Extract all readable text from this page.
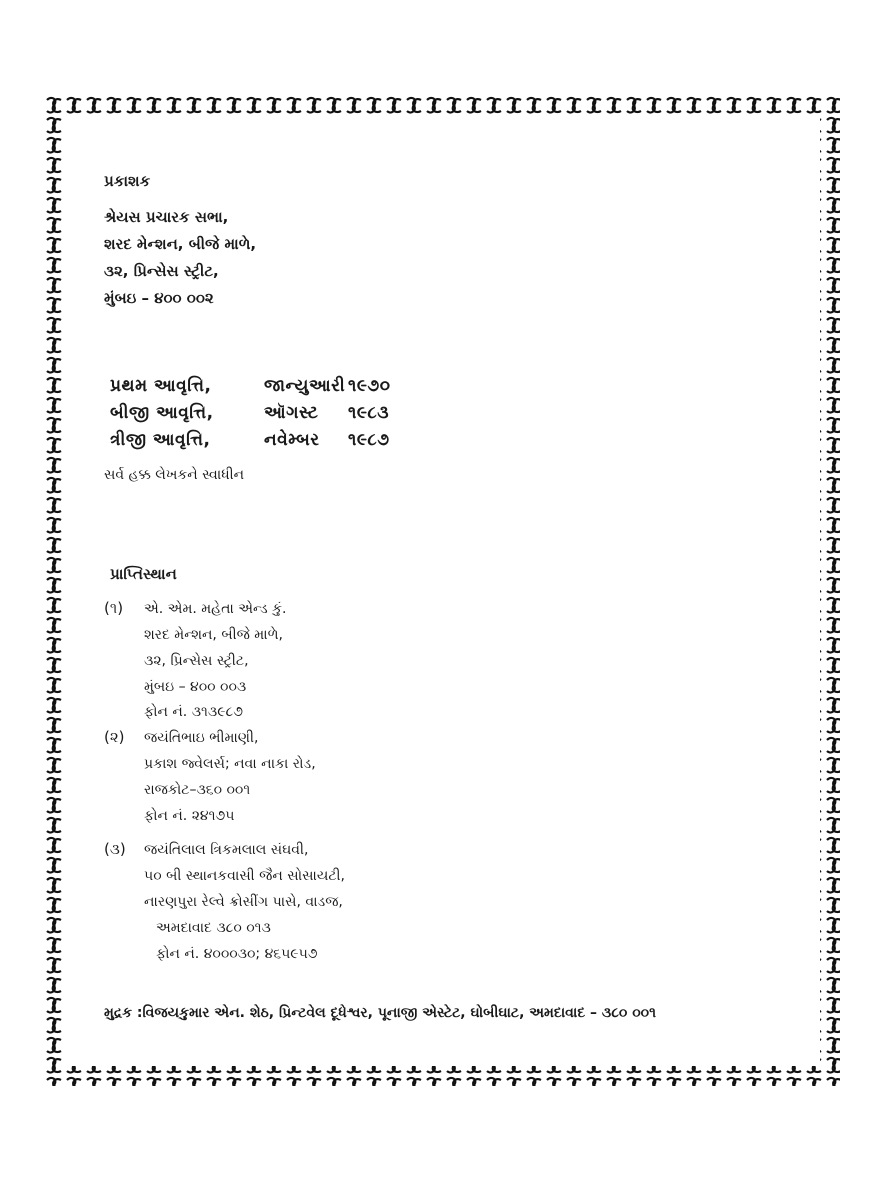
પ્રકાશક
શ્રેયસ પ્રચારક સભા,
શરદ મેન્શન, બીજે માળે,
૩૨, પ્રિન્સેસ સ્ટ્રીટ,
મુંબઇ – ૪૦૦ ૦૦૨
પ્રથમ આવૃત્તિ,	જાન્યુઆરી ૧૯૭૦
બીજી આવૃત્તિ,	ઑગસ્ટ ૧૯૮૩
ત્રીજી આવૃત્તિ,	નવેમ્બર ૧૯૮૭
સર્વ હક્ક લેખકને સ્વાધીન
પ્રાપ્તિસ્થાન
(૧) એ. એમ. મહેતા એન્ડ કું.
શરદ મેન્શન, બીજે માળે,
૩૨, પ્રિન્સેસ સ્ટ્રીટ,
મુંબઇ – ૪૦૦ ૦૦૩
ફોન નં. ૩૧૩૯૮૭
(૨) જયંતિભાઇ ભીમાણી,
પ્રકાશ જ્વેલર્સ; નવા નાકા રોડ,
રાજકોટ–૩૬૦ ૦૦૧
ફોન નં. ૨૪૧૭૫
(૩) જયંતિલાલ ત્રિકમલાલ સંઘવી,
૫૦ બી સ્થાનકવાસી જૈન સોસાયટી,
નારણપુરા રેલ્વે ક્રોસીંગ પાસે, વાડજ,
અમદાવાદ ૩૮૦ ૦૧૩
ફોન નં. ૪૦૦૦૩૦; ૪૬૫૯૫૭
મુદ્રક :વિજયકુમાર એન. શેઠ, પ્રિન્ટવેલ દૂધેશ્વર, પૂનાજી એસ્ટેટ, ઘોબીઘાટ, અમદાવાદ – ૩૮૦ ૦૦૧
